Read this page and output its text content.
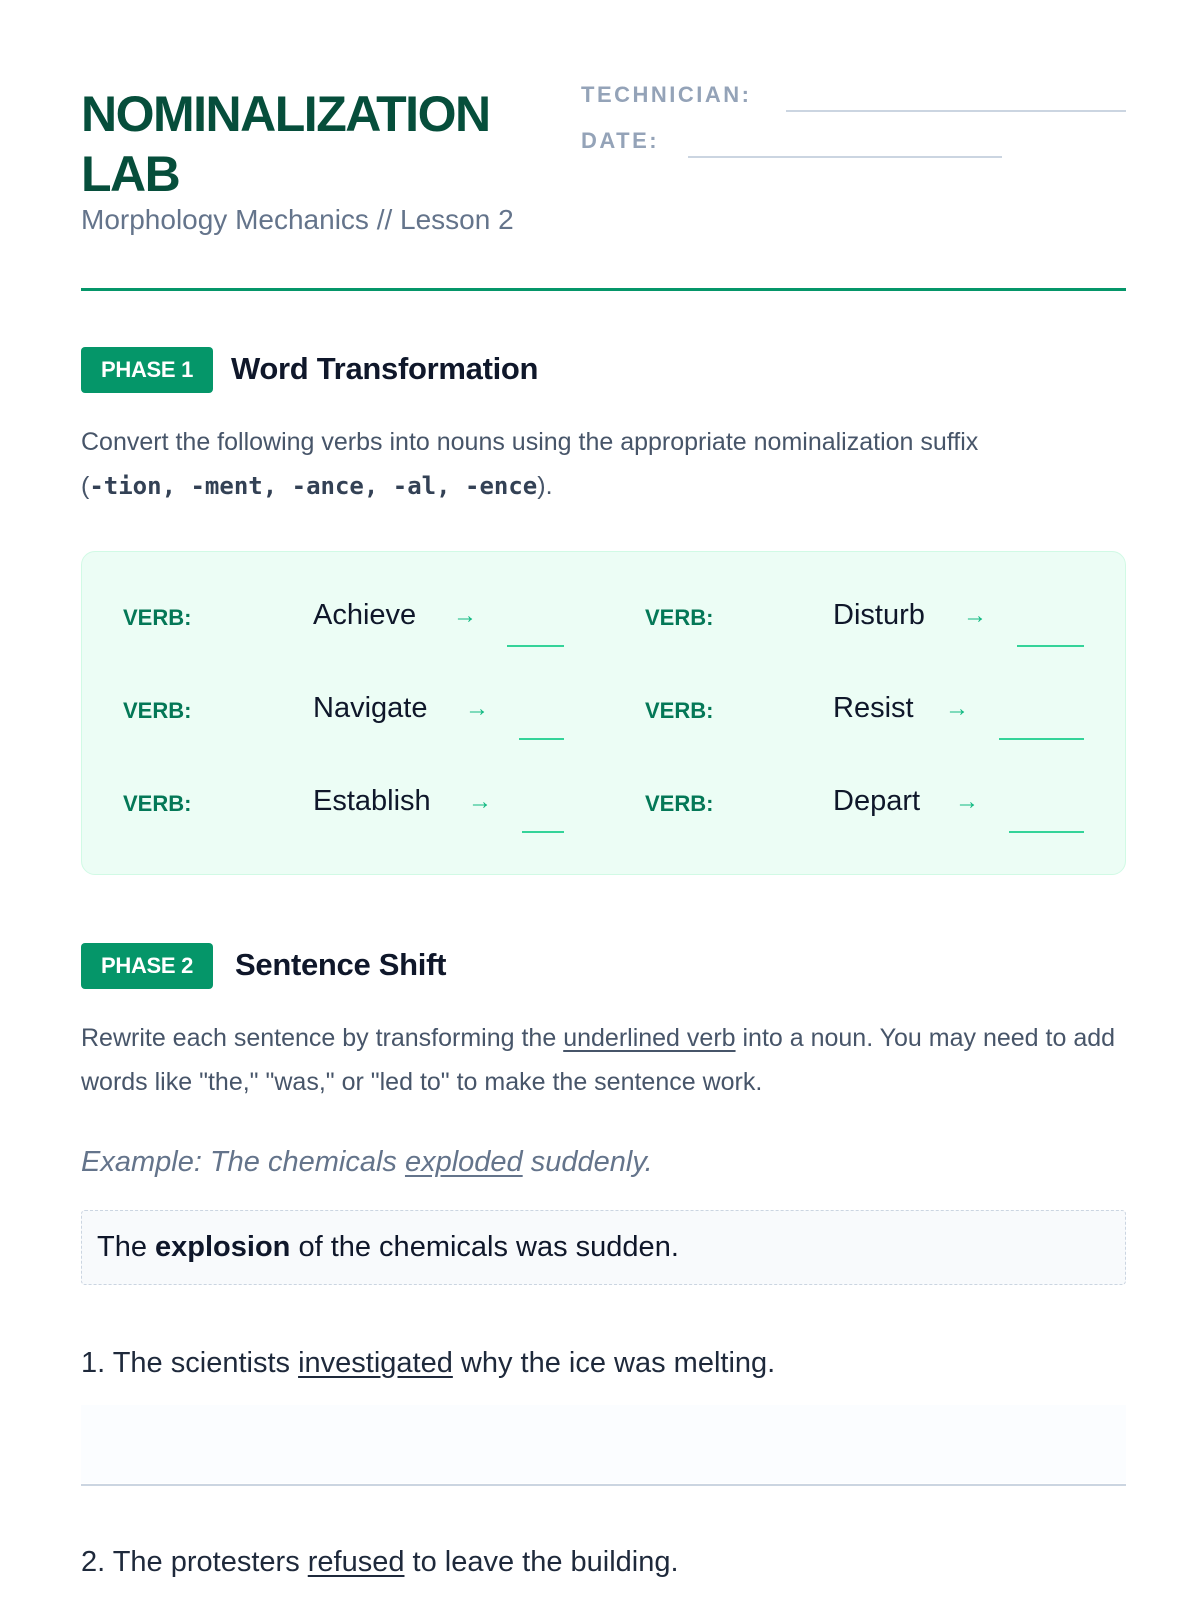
NOMINALIZATION LAB
Morphology Mechanics // Lesson 2
TECHNICIAN:
DATE:
PHASE 1	Word Transformation
Convert the following verbs into nouns using the appropriate nominalization suffix
(-tion, -ment, -ance, -al, -ence).
VERB:	Achieve →	VERB:	Disturb →
VERB:	Navigate →	VERB:	Resist →
VERB:	Establish →	VERB:	Depart →
PHASE 2	Sentence Shift
Rewrite each sentence by transforming the underlined verb into a noun. You may need to add words like "the," "was," or "led to" to make the sentence work.
Example: The chemicals exploded suddenly.
The explosion of the chemicals was sudden.
1. The scientists investigated why the ice was melting.
2. The protesters refused to leave the building.
